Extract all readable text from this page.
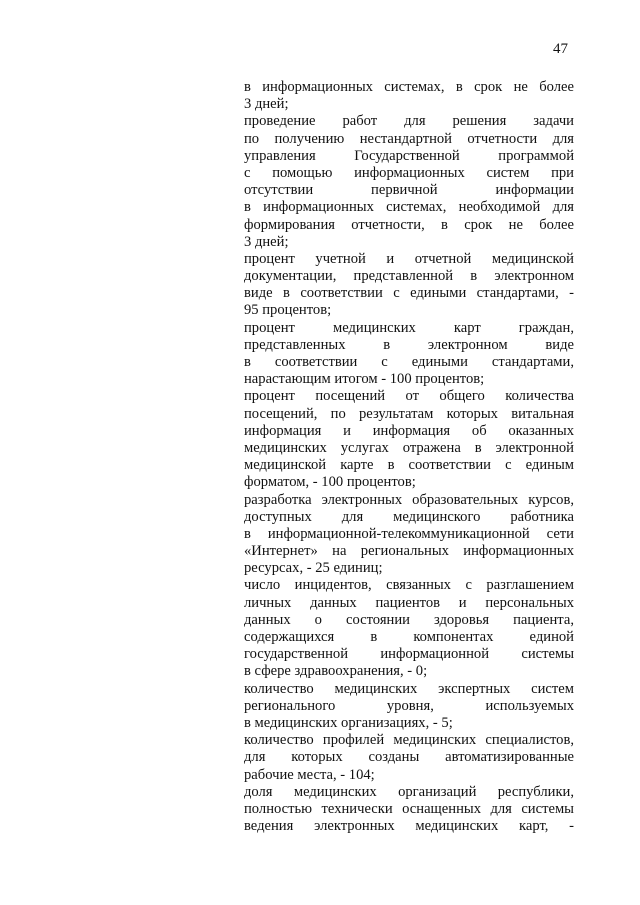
47
в информационных системах, в срок не более
3 дней;
проведение работ для решения задачи
по получению нестандартной отчетности для
управления Государственной программой
с помощью информационных систем при
отсутствии первичной информации
в информационных системах, необходимой для
формирования отчетности, в срок не более
3 дней;
процент учетной и отчетной медицинской
документации, представленной в электронном
виде в соответствии с едиными стандартами, -
95 процентов;
процент медицинских карт граждан,
представленных в электронном виде
в соответствии с едиными стандартами,
нарастающим итогом - 100 процентов;
процент посещений от общего количества
посещений, по результатам которых витальная
информация и информация об оказанных
медицинских услугах отражена в электронной
медицинской карте в соответствии с единым
форматом, - 100 процентов;
разработка электронных образовательных курсов,
доступных для медицинского работника
в информационной-телекоммуникационной сети
«Интернет» на региональных информационных
ресурсах, - 25 единиц;
число инцидентов, связанных с разглашением
личных данных пациентов и персональных
данных о состоянии здоровья пациента,
содержащихся в компонентах единой
государственной информационной системы
в сфере здравоохранения, - 0;
количество медицинских экспертных систем
регионального уровня, используемых
в медицинских организациях, - 5;
количество профилей медицинских специалистов,
для которых созданы автоматизированные
рабочие места, - 104;
доля медицинских организаций республики,
полностью технически оснащенных для системы
ведения электронных медицинских карт, -
